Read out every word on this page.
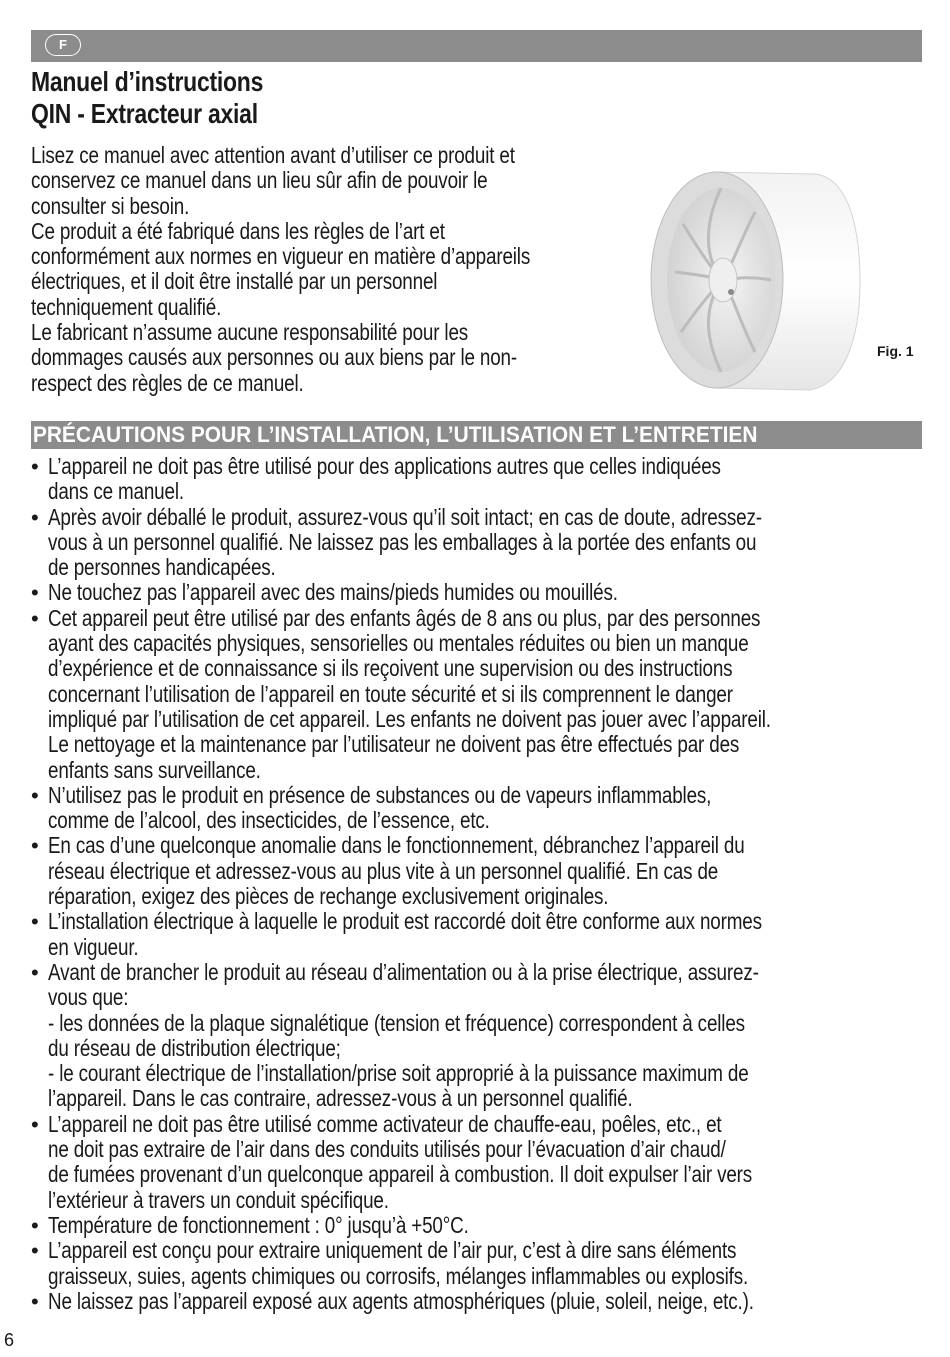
F
Manuel d’instructions
QIN - Extracteur axial

Lisez ce manuel avec attention avant d’utiliser ce produit et
conservez ce manuel dans un lieu sûr afin de pouvoir le
consulter si besoin.

Ce produit a été fabriqué dans les règles de l’art et
conformément aux normes en vigueur en matière d’appareils
électriques, et il doit être installé par un personnel
techniquement qualifié.

Le fabricant n’assume aucune responsabilité pour les
dommages causés aux personnes ou aux biens par le non-
respect des règles de ce manuel.

Fig. 1
PRÉCAUTIONS POUR L’INSTALLATION, L’UTILISATION ET L’ENTRETIEN
• L’appareil ne doit pas être utilisé pour des applications autres que celles indiquées
dans ce manuel.

• Après avoir déballé le produit, assurez-vous qu’il soit intact; en cas de doute, adressez-
vous à un personnel qualifié. Ne laissez pas les emballages à la portée des enfants ou
de personnes handicapées.

• Ne touchez pas l’appareil avec des mains/pieds humides ou mouillés.

• Cet appareil peut être utilisé par des enfants âgés de 8 ans ou plus, par des personnes
ayant des capacités physiques, sensorielles ou mentales réduites ou bien un manque
d’expérience et de connaissance si ils reçoivent une supervision ou des instructions
concernant l’utilisation de l’appareil en toute sécurité et si ils comprennent le danger
impliqué par l’utilisation de cet appareil. Les enfants ne doivent pas jouer avec l’appareil.
Le nettoyage et la maintenance par l’utilisateur ne doivent pas être effectués par des
enfants sans surveillance.

• N’utilisez pas le produit en présence de substances ou de vapeurs inflammables,
comme de l’alcool, des insecticides, de l’essence, etc.

• En cas d’une quelconque anomalie dans le fonctionnement, débranchez l’appareil du
réseau électrique et adressez-vous au plus vite à un personnel qualifié. En cas de
réparation, exigez des pièces de rechange exclusivement originales.

• L’installation électrique à laquelle le produit est raccordé doit être conforme aux normes
en vigueur.

• Avant de brancher le produit au réseau d’alimentation ou à la prise électrique, assurez-
vous que:
- les données de la plaque signalétique (tension et fréquence) correspondent à celles
du réseau de distribution électrique;
- le courant électrique de l’installation/prise soit approprié à la puissance maximum de
l’appareil. Dans le cas contraire, adressez-vous à un personnel qualifié.

• L’appareil ne doit pas être utilisé comme activateur de chauffe-eau, poêles, etc., et
ne doit pas extraire de l’air dans des conduits utilisés pour l’évacuation d’air chaud/
de fumées provenant d’un quelconque appareil à combustion. Il doit expulser l’air vers
l’extérieur à travers un conduit spécifique.

• Température de fonctionnement : 0° jusqu’à +50°C.

• L’appareil est conçu pour extraire uniquement de l’air pur, c’est à dire sans éléments
graisseux, suies, agents chimiques ou corrosifs, mélanges inflammables ou explosifs.

• Ne laissez pas l’appareil exposé aux agents atmosphériques (pluie, soleil, neige, etc.).

6
